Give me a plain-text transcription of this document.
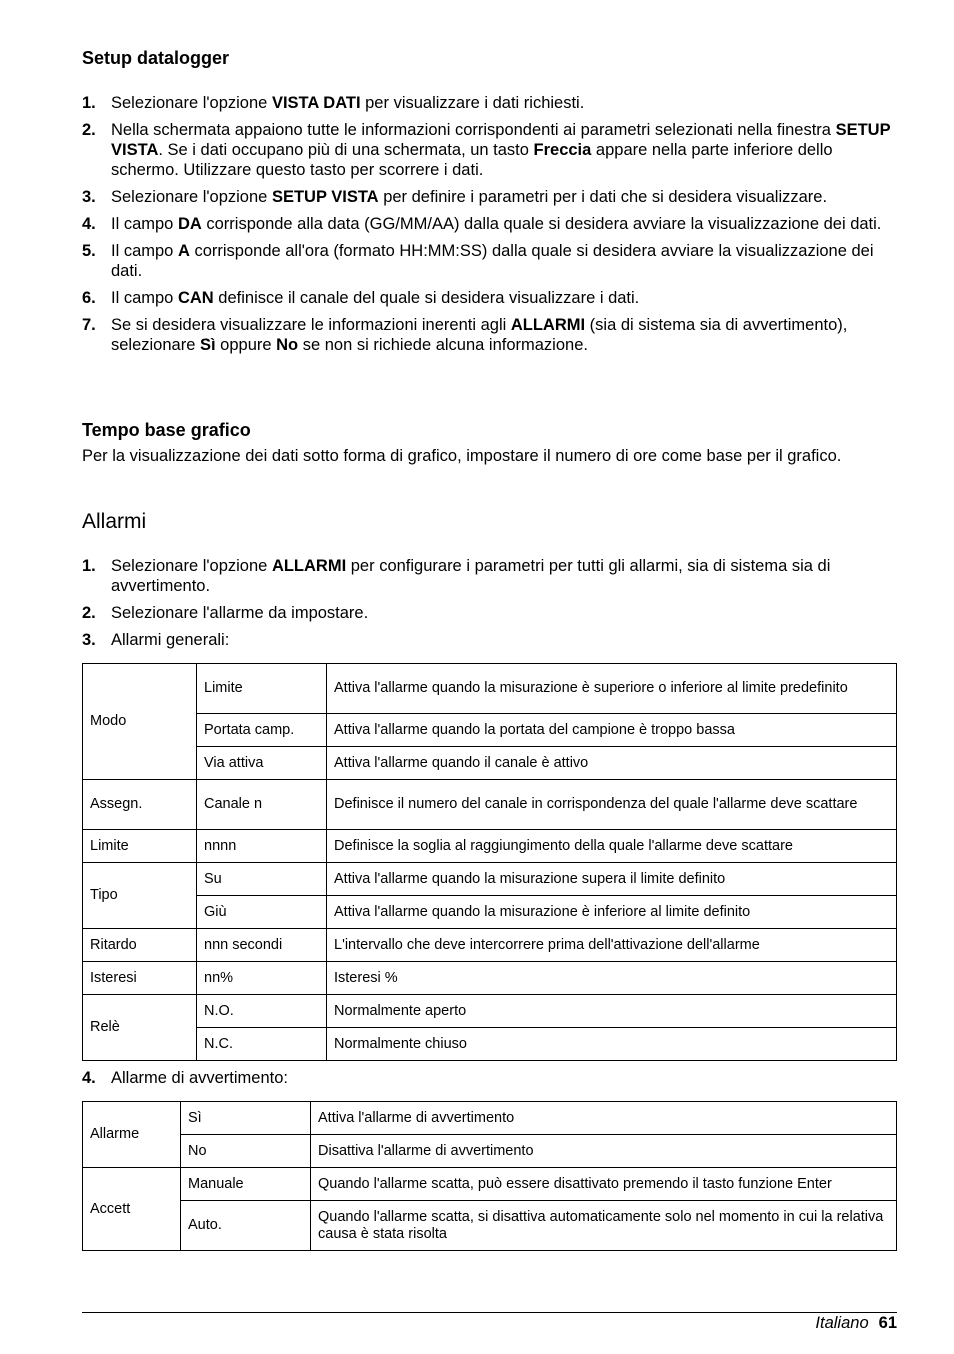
Setup datalogger
1. Selezionare l'opzione VISTA DATI per visualizzare i dati richiesti.
2. Nella schermata appaiono tutte le informazioni corrispondenti ai parametri selezionati nella finestra SETUP VISTA. Se i dati occupano più di una schermata, un tasto Freccia appare nella parte inferiore dello schermo. Utilizzare questo tasto per scorrere i dati.
3. Selezionare l'opzione SETUP VISTA per definire i parametri per i dati che si desidera visualizzare.
4. Il campo DA corrisponde alla data (GG/MM/AA) dalla quale si desidera avviare la visualizzazione dei dati.
5. Il campo A corrisponde all'ora (formato HH:MM:SS) dalla quale si desidera avviare la visualizzazione dei dati.
6. Il campo CAN definisce il canale del quale si desidera visualizzare i dati.
7. Se si desidera visualizzare le informazioni inerenti agli ALLARMI (sia di sistema sia di avvertimento), selezionare Sì oppure No se non si richiede alcuna informazione.
Tempo base grafico

Per la visualizzazione dei dati sotto forma di grafico, impostare il numero di ore come base per il grafico.

Allarmi
1. Selezionare l'opzione ALLARMI per configurare i parametri per tutti gli allarmi, sia di sistema sia di avvertimento.
2. Selezionare l'allarme da impostare.
3. Allarmi generali:
Modo	Limite	Attiva l'allarme quando la misurazione è superiore o inferiore al limite predefinito
	Portata camp.	Attiva l'allarme quando la portata del campione è troppo bassa
	Via attiva	Attiva l'allarme quando il canale è attivo
Assegn.	Canale n	Definisce il numero del canale in corrispondenza del quale l'allarme deve scattare
Limite	nnnn	Definisce la soglia al raggiungimento della quale l'allarme deve scattare
Tipo	Su	Attiva l'allarme quando la misurazione supera il limite definito
	Giù	Attiva l'allarme quando la misurazione è inferiore al limite definito
Ritardo	nnn secondi	L'intervallo che deve intercorrere prima dell'attivazione dell'allarme
Isteresi	nn%	Isteresi %
Relè	N.O.	Normalmente aperto
	N.C.	Normalmente chiuso
4. Allarme di avvertimento:
Allarme	Sì	Attiva l'allarme di avvertimento
	No	Disattiva l'allarme di avvertimento
Accett	Manuale	Quando l'allarme scatta, può essere disattivato premendo il tasto funzione Enter
	Auto.	Quando l'allarme scatta, si disattiva automaticamente solo nel momento in cui la relativa causa è stata risolta
Italiano 61
